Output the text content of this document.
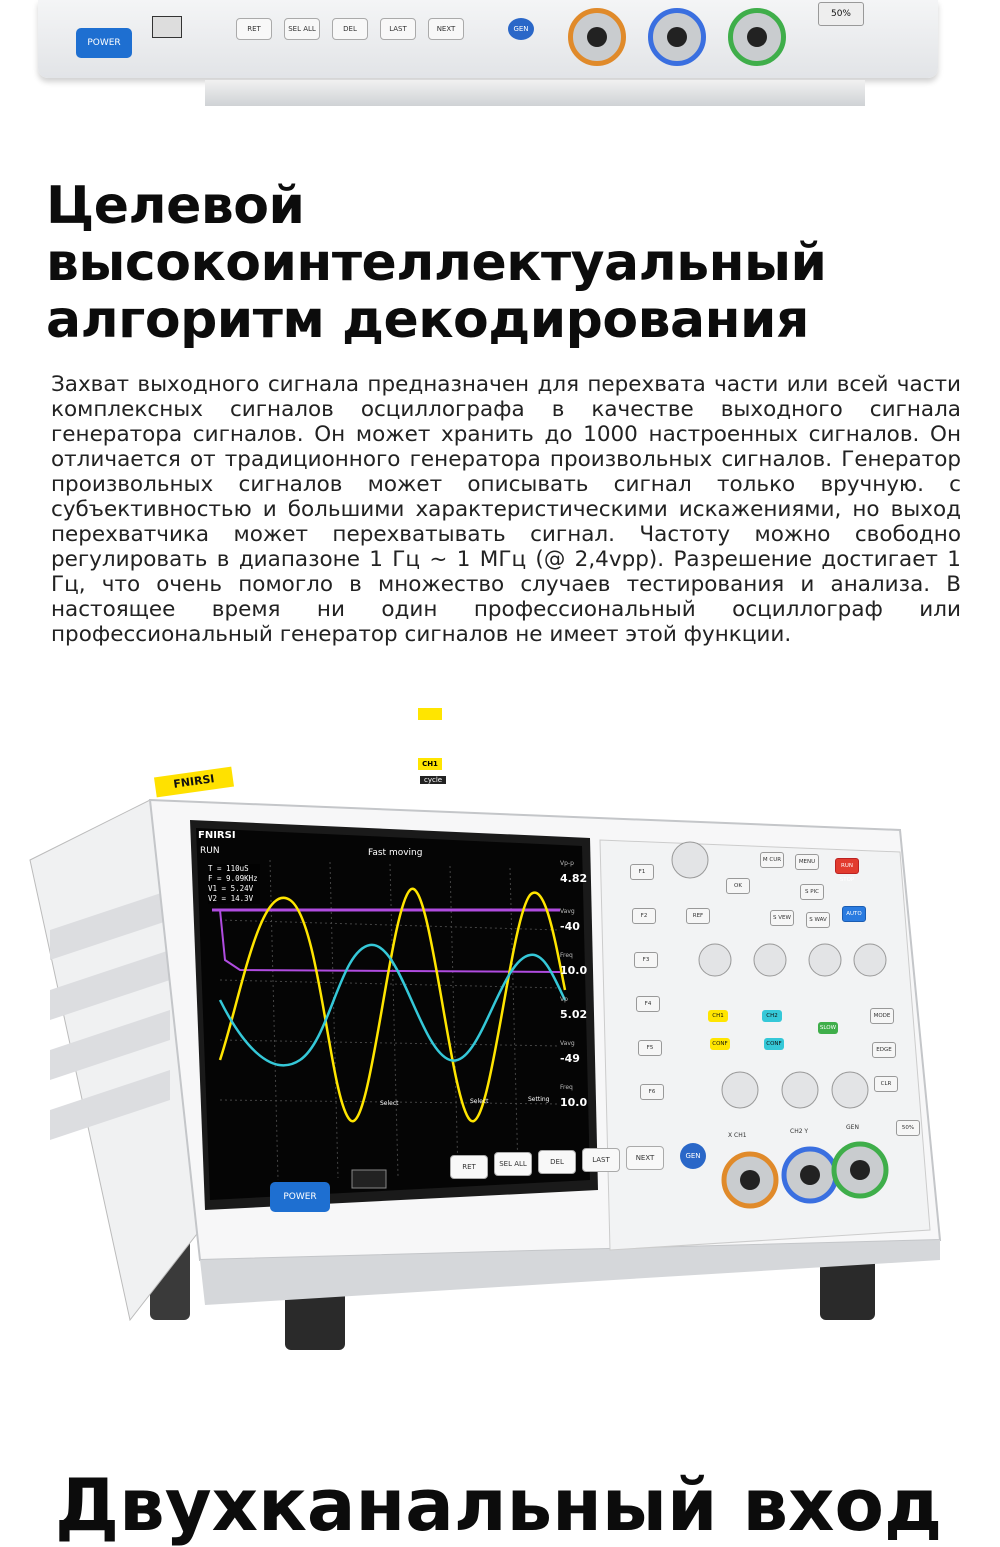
POWER
RET	SEL ALL	DEL	LAST	NEXT	GEN
50%
Целевой высокоинтеллектуальный алгоритм декодирования

Захват выходного сигнала предназначен для перехвата части или всей части комплексных сигналов осциллографа в качестве выходного сигнала генератора сигналов. Он может хранить до 1000 настроенных сигналов. Он отличается от традиционного генератора произвольных сигналов. Генератор произвольных сигналов может описывать сигнал только вручную. с субъективностью и большими характеристическими искажениями, но выход перехватчика может перехватывать сигнал. Частоту можно свободно регулировать в диапазоне 1 Гц ~ 1 МГц (@ 2,4vpp). Разрешение достигает 1 Гц, что очень помогло в множество случаев тестирования и анализа. В настоящее время ни один профессиональный осциллограф или профессиональный генератор сигналов не имеет этой функции.

FNIRSI
FNIRSI
RUN	Fast moving
T = 110uS
F = 9.09KHz
V1 = 5.24V
V2 = 14.3V
Vp-p
4.82
Vavg
-40
Freq
10.0
Vp
5.02
Vavg
-49
Freq
10.0
CH1
cycle
Select	Select	Setting
F1
F2
F3
F4
F5
F6
M CUR	MENU
RUN STOP
OK
S PIC
AUTO
S VEW	S WAV
REF
CH1	CH2
CONF	CONF
SLOW
MODE
EDGE
CLR
50%
RET	SEL ALL	DEL	LAST	NEXT
POWER
GEN
X CH1
CH2 Y
GEN
Двухканальный вход
